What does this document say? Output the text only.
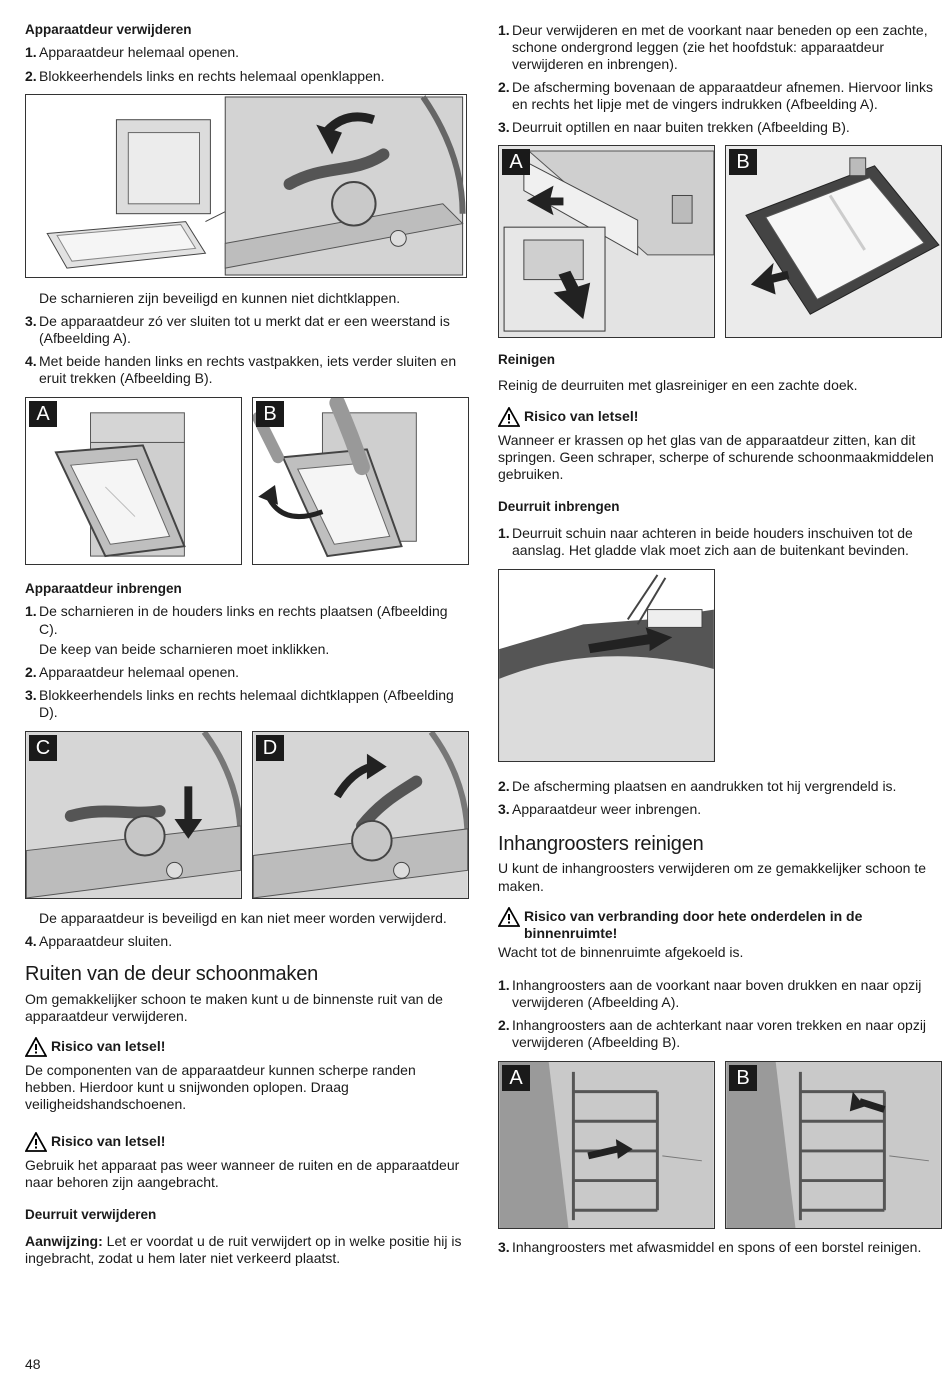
Apparaatdeur verwijderen
1. Apparaatdeur helemaal openen.
2. Blokkeerhendels links en rechts helemaal openklappen.

De scharnieren zijn beveiligd en kunnen niet dichtklappen.

3. De apparaatdeur zó ver sluiten tot u merkt dat er een weerstand is (Afbeelding A).
4. Met beide handen links en rechts vastpakken, iets verder sluiten en eruit trekken (Afbeelding B).
A	B
Apparaatdeur inbrengen
1. De scharnieren in de houders links en rechts plaatsen (Afbeelding C).

De keep van beide scharnieren moet inklikken.

2. Apparaatdeur helemaal openen.
3. Blokkeerhendels links en rechts helemaal dichtklappen (Afbeelding D).
C	D

De apparaatdeur is beveiligd en kan niet meer worden verwijderd.

4. Apparaatdeur sluiten.
Ruiten van de deur schoonmaken

Om gemakkelijker schoon te maken kunt u de binnenste ruit van de apparaatdeur verwijderen.

Risico van letsel!

De componenten van de apparaatdeur kunnen scherpe randen hebben. Hierdoor kunt u snijwonden oplopen. Draag veiligheidshandschoenen.

Risico van letsel!

Gebruik het apparaat pas weer wanneer de ruiten en de apparaatdeur naar behoren zijn aangebracht.

Deurruit verwijderen

Aanwijzing: Let er voordat u de ruit verwijdert op in welke positie hij is ingebracht, zodat u hem later niet verkeerd plaatst.

1. Deur verwijderen en met de voorkant naar beneden op een zachte, schone ondergrond leggen (zie het hoofdstuk: apparaatdeur verwijderen en inbrengen).
2. De afscherming bovenaan de apparaatdeur afnemen. Hiervoor links en rechts het lipje met de vingers indrukken (Afbeelding A).
3. Deurruit optillen en naar buiten trekken (Afbeelding B).
A	B
Reinigen

Reinig de deurruiten met glasreiniger en een zachte doek.

Risico van letsel!

Wanneer er krassen op het glas van de apparaatdeur zitten, kan dit springen. Geen schraper, scherpe of schurende schoonmaakmiddelen gebruiken.

Deurruit inbrengen
1. Deurruit schuin naar achteren in beide houders inschuiven tot de aanslag. Het gladde vlak moet zich aan de buitenkant bevinden.
2. De afscherming plaatsen en aandrukken tot hij vergrendeld is.
3. Apparaatdeur weer inbrengen.
Inhangroosters reinigen

U kunt de inhangroosters verwijderen om ze gemakkelijker schoon te maken.

Risico van verbranding door hete onderdelen in de binnenruimte!

Wacht tot de binnenruimte afgekoeld is.

1. Inhangroosters aan de voorkant naar boven drukken en naar opzij verwijderen (Afbeelding A).
2. Inhangroosters aan de achterkant naar voren trekken en naar opzij verwijderen (Afbeelding B).
A	B
3. Inhangroosters met afwasmiddel en spons of een borstel reinigen.
48
